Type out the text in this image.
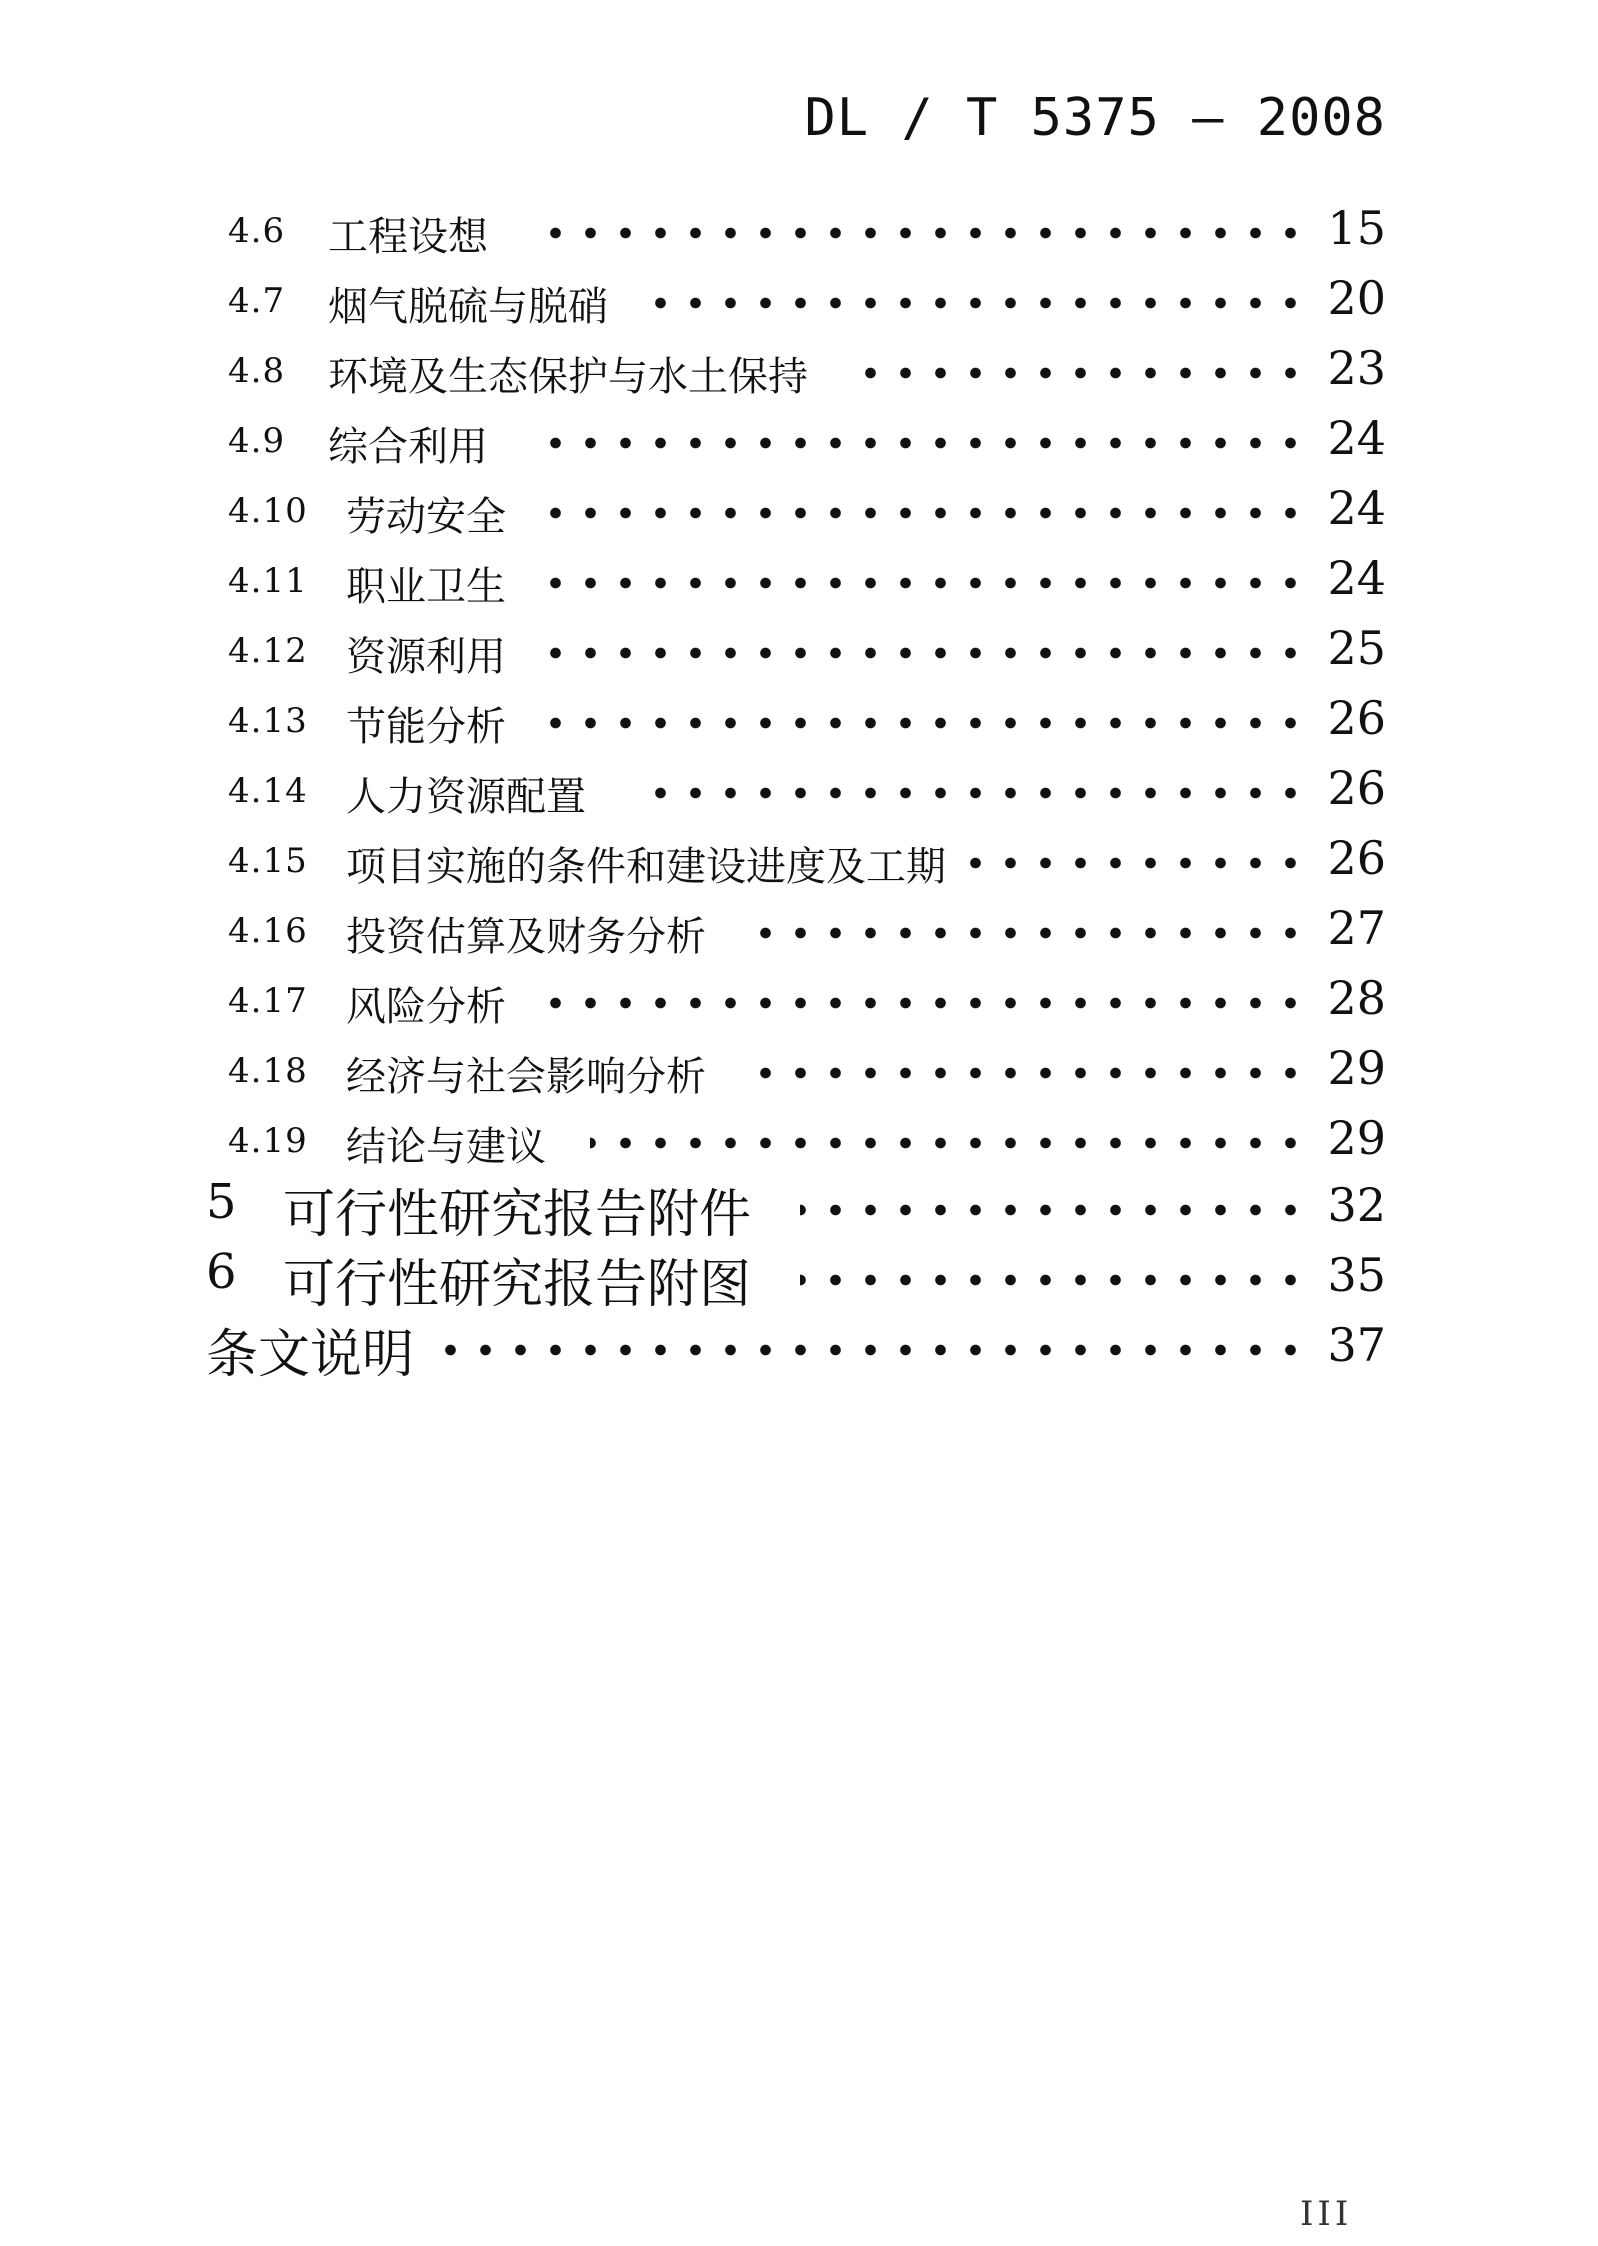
DL / T 5375 — 2008
4.6 工程设想	15
4.7 烟气脱硫与脱硝	20
4.8 环境及生态保护与水土保持	23
4.9 综合利用	24
4.10 劳动安全	24
4.11 职业卫生	24
4.12 资源利用	25
4.13 节能分析	26
4.14 人力资源配置	26
4.15 项目实施的条件和建设进度及工期	26
4.16 投资估算及财务分析	27
4.17 风险分析	28
4.18 经济与社会影响分析	29
4.19 结论与建议	29
5 可行性研究报告附件	32
6 可行性研究报告附图	35
条文说明	37
III
